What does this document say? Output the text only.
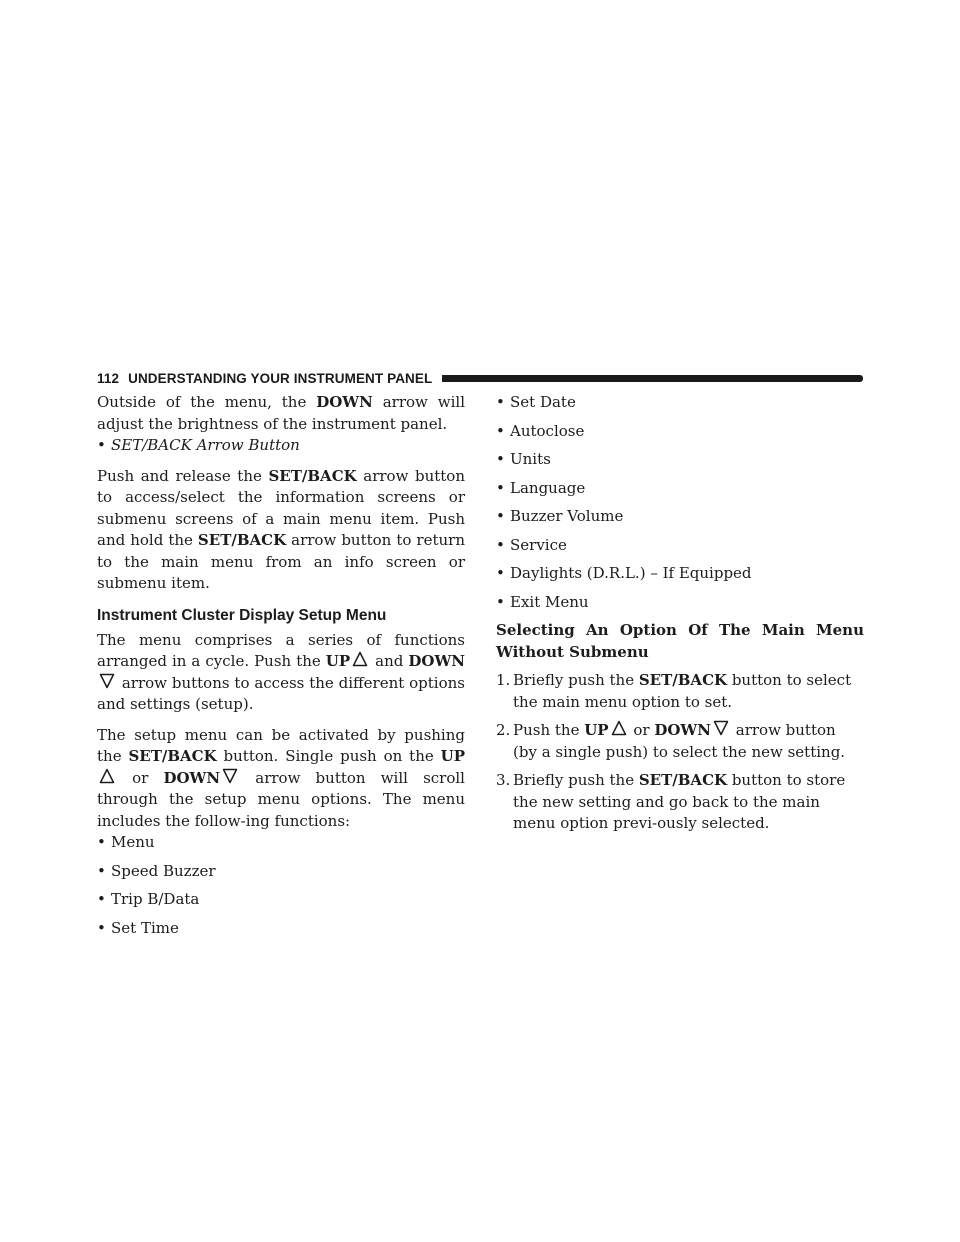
112 UNDERSTANDING YOUR INSTRUMENT PANEL

Outside of the menu, the DOWN arrow will adjust the brightness of the instrument panel.

• SET/BACK Arrow Button

Push and release the SET/BACK arrow button to access/select the information screens or submenu screens of a main menu item. Push and hold the SET/BACK arrow button to return to the main menu from an info screen or submenu item.

Instrument Cluster Display Setup Menu

The menu comprises a series of functions arranged in a cycle. Push the UP and DOWN arrow buttons to access the different options and settings (setup).

The setup menu can be activated by pushing the SET/BACK button. Single push on the UP or DOWN arrow button will scroll through the setup menu options. The menu includes the follow-ing functions:

• Menu
• Speed Buzzer
• Trip B/Data
• Set Time
• Set Date
• Autoclose
• Units
• Language
• Buzzer Volume
• Service
• Daylights (D.R.L.) – If Equipped
• Exit Menu
Selecting An Option Of The Main Menu Without Submenu
1. Briefly push the SET/BACK button to select the main menu option to set.
2. Push the UP or DOWN arrow button (by a single push) to select the new setting.
3. Briefly push the SET/BACK button to store the new setting and go back to the main menu option previ-ously selected.
